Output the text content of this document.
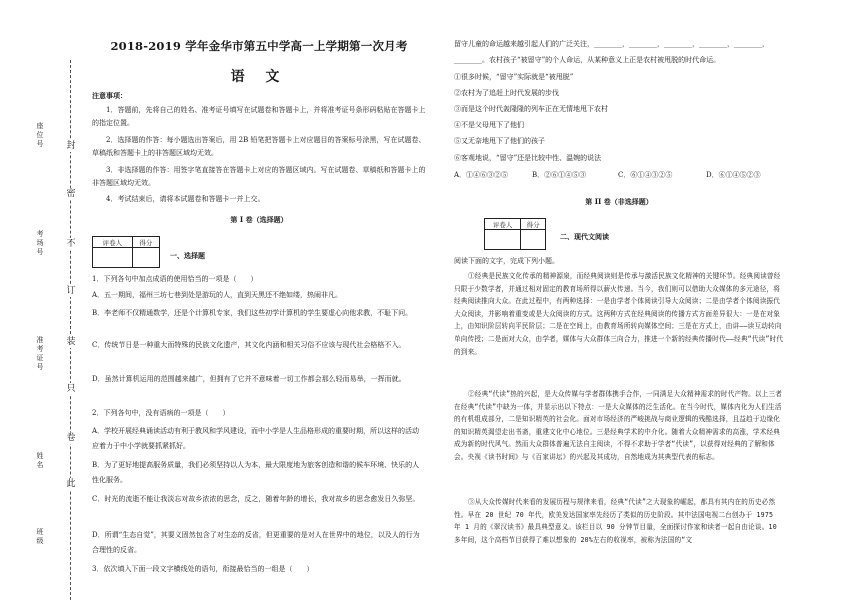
封
密
不
订
装
只
卷
此
座位号
考场号
准考证号
姓名
班级
2018-2019 学年金华市第五中学高一上学期第一次月考
语 文

注意事项：

1．答题前，先将自己的姓名、准考证号填写在试题卷和答题卡上，并将准考证号条形码粘贴在答题卡上的指定位置。

2．选择题的作答：每小题选出答案后，用 2B 铅笔把答题卡上对应题目的答案标号涂黑，写在试题卷、草稿纸和答题卡上的非答题区域均无效。

3．非选择题的作答：用签字笔直接答在答题卡上对应的答题区域内。写在试题卷、草稿纸和答题卡上的非答题区域均无效。

4．考试结束后，请将本试题卷和答题卡一并上交。

第 I 卷（选择题）

评卷人	得分

一、选择题

1．下列各句中加点成语的使用恰当的一项是（　　）

A．五一期间，福州三坊七巷到处是游玩的人，直到天黑还不绝如缕，热闹非凡。

B．李老师不仅精通数学，还是个计算机专家，我们这些初学计算机的学生要虚心向他求教，不耻下问。

C．传统节日是一种重大而特殊的民族文化遗产，其文化内涵和相关习俗不应该与现代社会格格不入。

D．虽然计算机运用的范围越来越广，但拥有了它并不意味着一切工作都会那么轻而易举，一挥而就。

2．下列各句中，没有语病的一项是（　　）

A．学校开展经典诵读活动有利于教风和学风建设，而中小学是人生品格形成的重要时期，所以这样的活动应着力于中小学就要抓紧抓好。

B．为了更好地提高服务质量，我们必须坚持以人为本，最大限度地为旅客创造和谐的候车环境、快乐的人性化服务。

C．时光的流逝不能让我淡忘对故乡浓浓的思念，反之，随着年龄的增长，我对故乡的思念愈发日久弥坚。

D．所谓“生态自觉”，其要义固然包含了对生态的反省，但更重要的是对人在世界中的地位，以及人的行为合理性的反省。

3．依次填入下面一段文字横线处的语句，衔接最恰当的一组是（　　）

留守儿童的命运越来越引起人们的广泛关注，________，________，________，________，________，________。农村孩子“被留守”的个人命运，从某种意义上正是农村被甩脱的时代命运。

①很多时候，“留守”实际就是“被甩脱”

②农村为了追赶上时代发展的步伐

③而是这个时代轰隆隆的列车正在无情地甩下农村

④不是父母甩下了他们

⑤又无奈地甩下了他们的孩子

⑥客观地说，“留守”还是比较中性、温婉的说法

A．①④⑥③②⑤	B．②⑥①④⑤③	C．⑥①④③②⑤	D．⑥①④⑤②③

第 II 卷（非选择题）

评卷人	得分

二、现代文阅读

阅读下面的文字，完成下列小题。

①经典是民族文化传承的精神源泉，而经典阅读则是传承与激活民族文化精神的关键环节。经典阅读曾经只限于少数学者，并通过相对固定的教育场所得以薪火传递。当今，我们则可以借助大众媒体的多元途径，将经典阅读推向大众。在此过程中，有两种选择：一是由学者个体阅读引导大众阅读；二是由学者个体阅读振代大众阅读，并影响着重变或是大众阅读的方式。这两种方式在经典阅读的传播方式方面差异很大：一是在对象上，由知识阶层转向平民阶层；二是在空间上，由教育场所转向媒体空间；三是在方式上，由讲——读互动转向单向传授；二是面对大众，由学者，媒体与大众群体三向合力，推进一个新的经典传播时代——经典“代读”时代的到来。

②经典“代读”热的兴起，是大众传媒与学者群体携手合作，一同满足大众精神需求的时代产物。以上三者在经典“代读”中缺为一体，并显示出以下特点：一是大众媒体的泛生活化。在当今时代，媒体内化为人们生活的有机组成部分，二是知识精英的社会化。面对市场经济的严峻挑战与商业逻辑的残酷选择，且益趋于边缘化的知识精英渴望走出书斋，重建文化中心地位。三是经典学术的中介化。随着大众精神需求的高涨，学术经典成为新的时代风气。然而大众群体普遍无法自主阅读，不得不求助于学者“代读”，以获得对经典的了解和体会。央视《读书时间》与《百家讲坛》的兴起及其成功，自然地成为其典型代表的标志。

③从大众传媒时代来看的发展历程与规律来看，经典“代读”之大现象的崛起，都具有其内在的历史必然性。早在 20 世纪 70 年代，欧美发达国家率先经历了类似的历史阶段。其中法国电视二台创办于 1975 年 1 月的《翠汉读书》最具典型意义。该栏目以 90 分钟节目量，全面探讨作家和读者一起自由论谈。10 多年间，这个高档节目获得了难以想象的 20%左右的收视率，被称为法国的“文
